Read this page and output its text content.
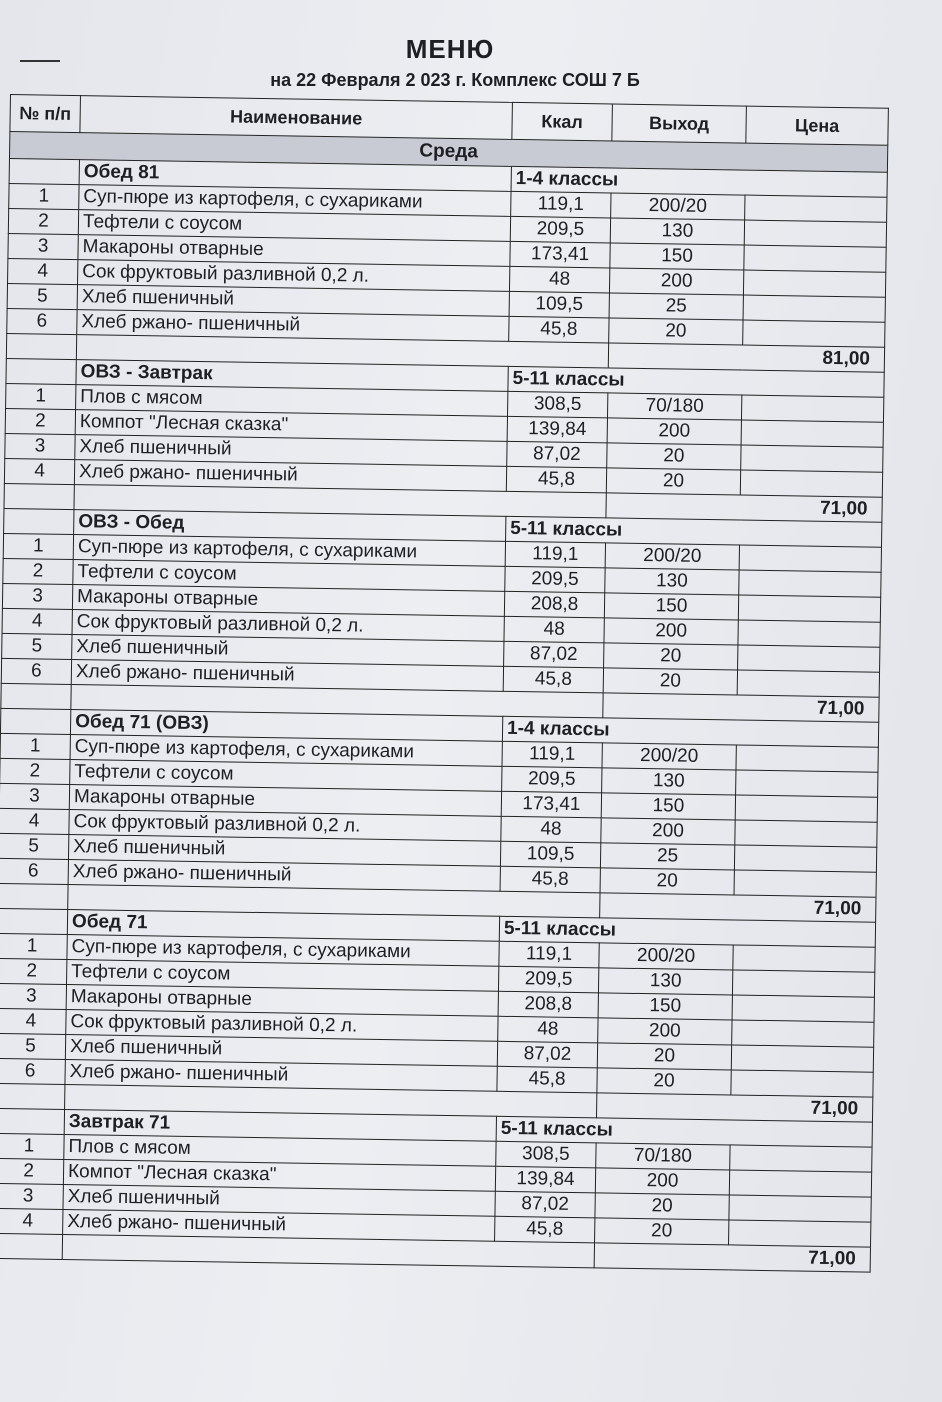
МЕНЮ
на 22 Февраля 2 023 г. Комплекс СОШ 7 Б
№ п/п	Наименование	Ккал	Выход	Цена
Среда				
	Обед 81	1-4 классы		
1	Суп-пюре из картофеля, с сухариками	119,1	200/20	
2	Тефтели с соусом	209,5	130	
3	Макароны отварные	173,41	150	
4	Сок фруктовый разливной 0,2 л.	48	200	
5	Хлеб пшеничный	109,5	25	
6	Хлеб ржано- пшеничный	45,8	20	
			81,00	
	ОВЗ - Завтрак	5-11 классы		
1	Плов с мясом	308,5	70/180	
2	Компот "Лесная сказка"	139,84	200	
3	Хлеб пшеничный	87,02	20	
4	Хлеб ржано- пшеничный	45,8	20	
			71,00	
	ОВЗ - Обед	5-11 классы		
1	Суп-пюре из картофеля, с сухариками	119,1	200/20	
2	Тефтели с соусом	209,5	130	
3	Макароны отварные	208,8	150	
4	Сок фруктовый разливной 0,2 л.	48	200	
5	Хлеб пшеничный	87,02	20	
6	Хлеб ржано- пшеничный	45,8	20	
			71,00	
	Обед 71 (ОВЗ)	1-4 классы		
1	Суп-пюре из картофеля, с сухариками	119,1	200/20	
2	Тефтели с соусом	209,5	130	
3	Макароны отварные	173,41	150	
4	Сок фруктовый разливной 0,2 л.	48	200	
5	Хлеб пшеничный	109,5	25	
6	Хлеб ржано- пшеничный	45,8	20	
			71,00	
	Обед 71	5-11 классы		
1	Суп-пюре из картофеля, с сухариками	119,1	200/20	
2	Тефтели с соусом	209,5	130	
3	Макароны отварные	208,8	150	
4	Сок фруктовый разливной 0,2 л.	48	200	
5	Хлеб пшеничный	87,02	20	
6	Хлеб ржано- пшеничный	45,8	20	
			71,00	
	Завтрак 71	5-11 классы		
1	Плов с мясом	308,5	70/180	
2	Компот "Лесная сказка"	139,84	200	
3	Хлеб пшеничный	87,02	20	
4	Хлеб ржано- пшеничный	45,8	20	
			71,00	
